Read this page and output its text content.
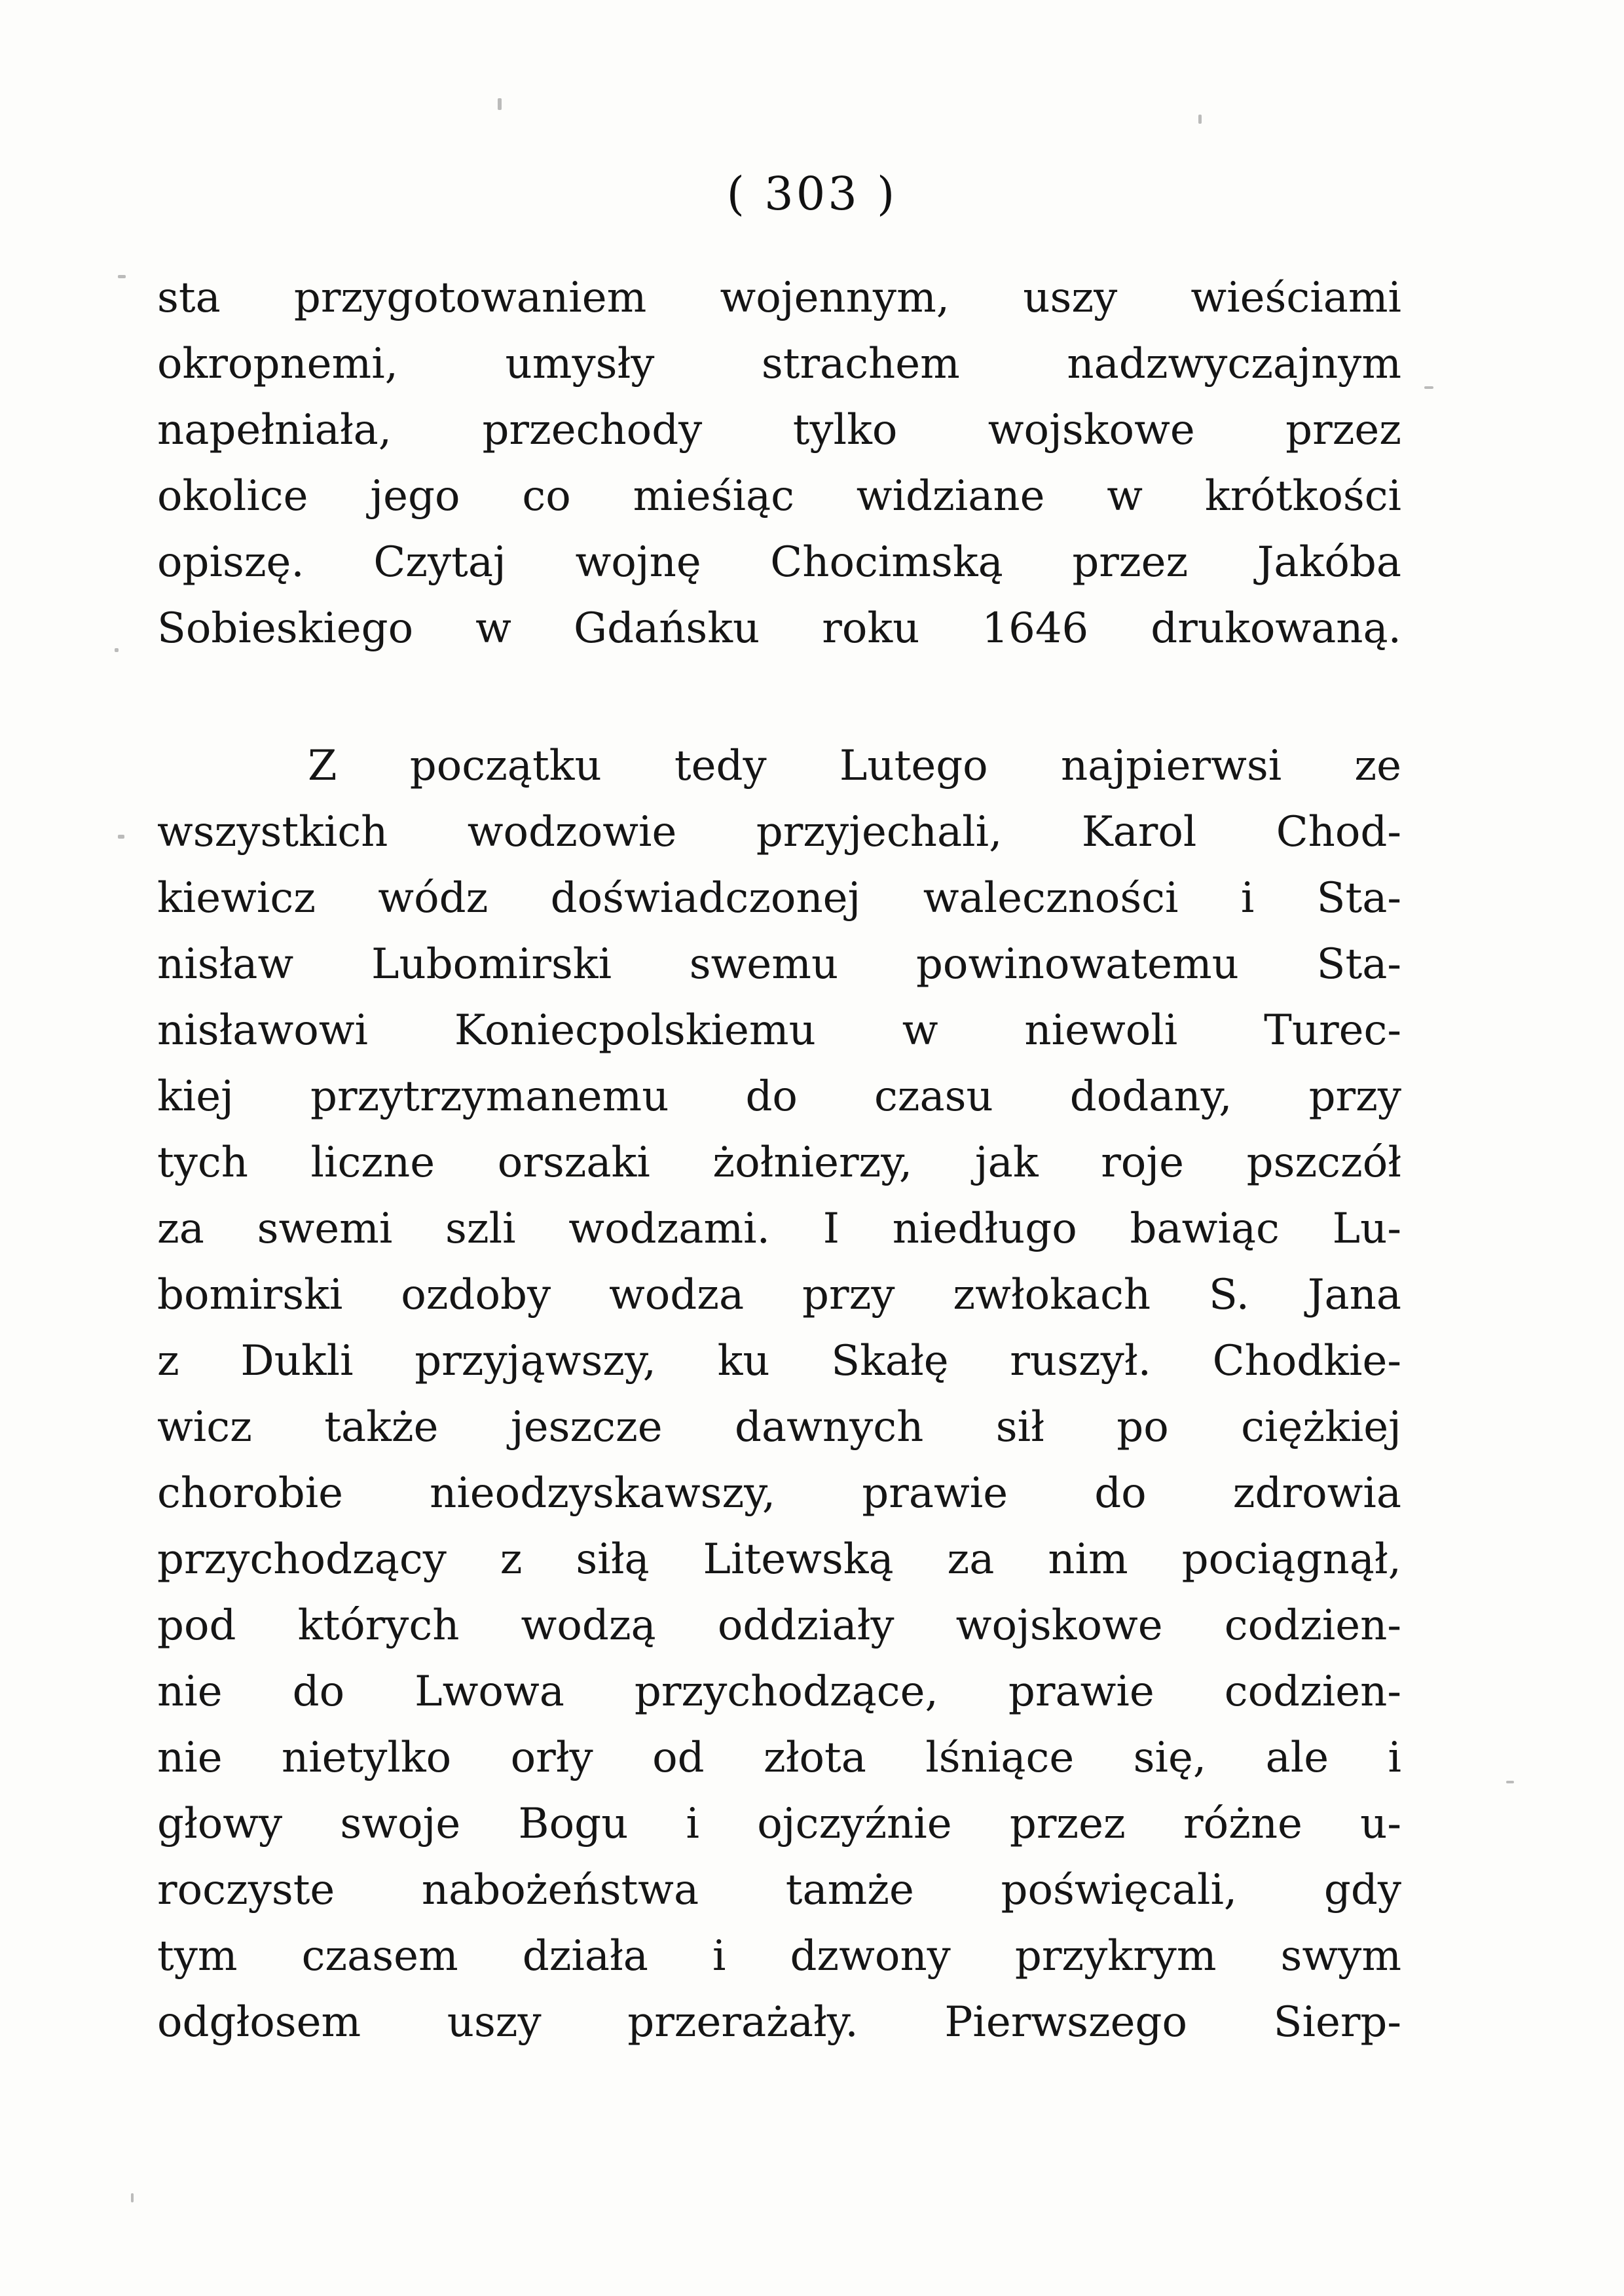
( 303 )
sta przygotowaniem wojennym, uszy wieściami
okropnemi, umysły strachem nadzwyczajnym
napełniała, przechody tylko wojskowe przez
okolice jego co mieśiąc widziane w krótkości
opiszę. Czytaj wojnę Chocimską przez Jakóba
Sobieskiego w Gdańsku roku 1646 drukowaną.
Z początku tedy Lutego najpierwsi ze
wszystkich wodzowie przyjechali, Karol Chod-
kiewicz wódz doświadczonej waleczności i Sta-
nisław Lubomirski swemu powinowatemu Sta-
nisławowi Koniecpolskiemu w niewoli Turec-
kiej przytrzymanemu do czasu dodany, przy
tych liczne orszaki żołnierzy, jak roje pszczół
za swemi szli wodzami. I niedługo bawiąc Lu-
bomirski ozdoby wodza przy zwłokach S. Jana
z Dukli przyjąwszy, ku Skałę ruszył. Chodkie-
wicz także jeszcze dawnych sił po ciężkiej
chorobie nieodzyskawszy, prawie do zdrowia
przychodzący z siłą Litewską za nim pociągnął,
pod których wodzą oddziały wojskowe codzien-
nie do Lwowa przychodzące, prawie codzien-
nie nietylko orły od złota lśniące się, ale i
głowy swoje Bogu i ojczyźnie przez różne u-
roczyste nabożeństwa tamże poświęcali, gdy
tym czasem działa i dzwony przykrym swym
odgłosem uszy przerażały. Pierwszego Sierp-
